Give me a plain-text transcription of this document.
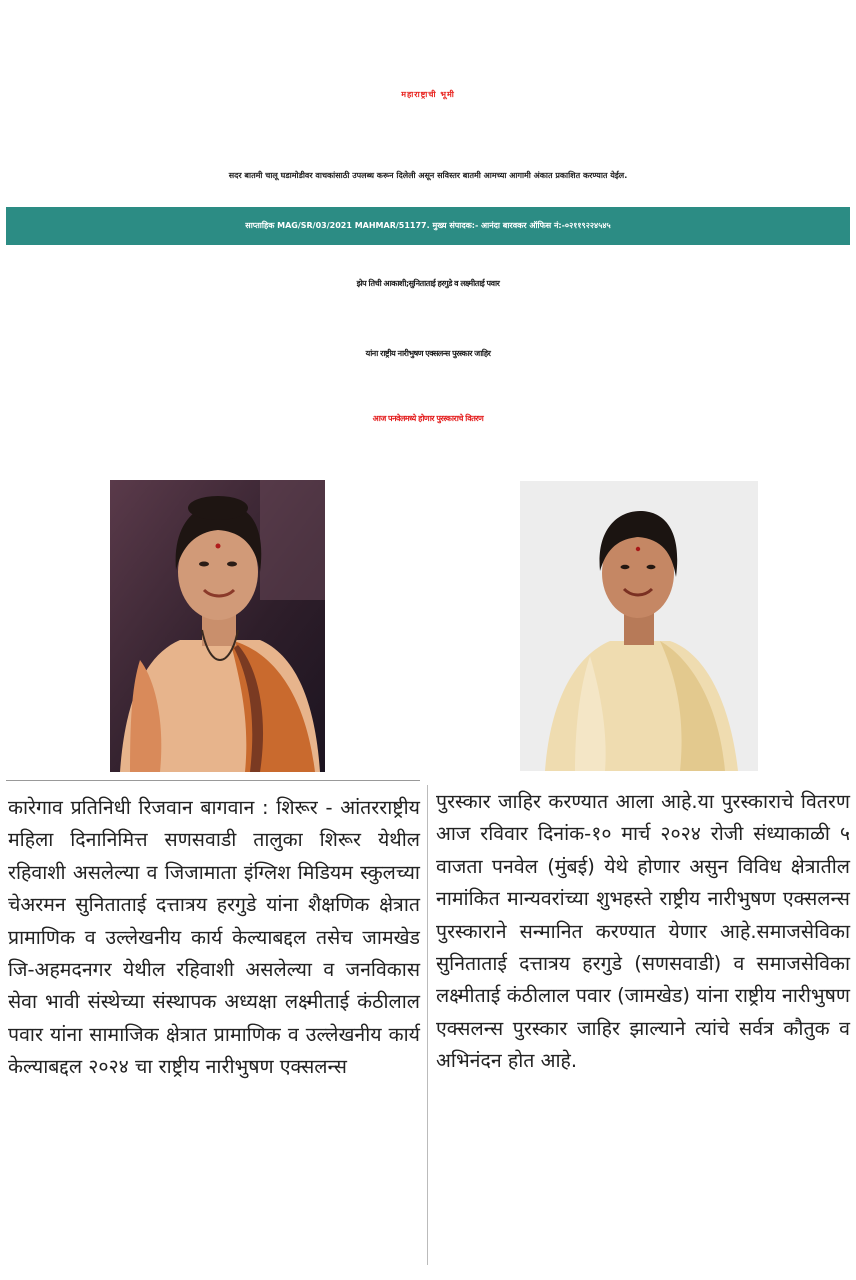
महाराष्ट्राची भूमी
सदर बातमी चालू घडामोडीवर वाचकांसाठी उपलब्ध करून दिलेली असून सविस्तर बातमी आमच्या आगामी अंकात प्रकाशित करण्यात येईल.
साप्ताहिक MAG/SR/03/2021 MAHMAR/51177. मुख्य संपादक:- आनंदा बारवकर ऑफिस नं:-०२११९२२४५४५
झेप तिची आकाशी;सुनिताताई हरगुडे व लक्ष्मीताई पवार
यांना राष्ट्रीय नारीभुषण एक्सलन्स पुरस्कार जाहिर
आज पनवेलमध्ये होणार पुरस्काराचे वितरण
कारेगाव प्रतिनिधी रिजवान बागवान : शिरूर - आंतरराष्ट्रीय महिला दिनानिमित्त सणसवाडी तालुका शिरूर येथील रहिवाशी असलेल्या व जिजामाता इंग्लिश मिडियम स्कुलच्या चेअरमन सुनिताताई दत्तात्रय हरगुडे यांना शैक्षणिक क्षेत्रात प्रामाणिक व उल्लेखनीय कार्य केल्याबद्दल तसेच जामखेड जि-अहमदनगर येथील रहिवाशी असलेल्या व जनविकास सेवा भावी संस्थेच्या संस्थापक अध्यक्षा लक्ष्मीताई कंठीलाल पवार यांना सामाजिक क्षेत्रात प्रामाणिक व उल्लेखनीय कार्य केल्याबद्दल २०२४ चा राष्ट्रीय नारीभुषण एक्सलन्स
पुरस्कार जाहिर करण्यात आला आहे.या पुरस्काराचे वितरण आज रविवार दिनांक-१० मार्च २०२४ रोजी संध्याकाळी ५ वाजता पनवेल (मुंबई) येथे होणार असुन विविध क्षेत्रातील नामांकित मान्यवरांच्या शुभहस्ते राष्ट्रीय नारीभुषण एक्सलन्स पुरस्काराने सन्मानित करण्यात येणार आहे.समाजसेविका सुनिताताई दत्तात्रय हरगुडे (सणसवाडी) व समाजसेविका लक्ष्मीताई कंठीलाल पवार (जामखेड) यांना राष्ट्रीय नारीभुषण एक्सलन्स पुरस्कार जाहिर झाल्याने त्यांचे सर्वत्र कौतुक व अभिनंदन होत आहे.
